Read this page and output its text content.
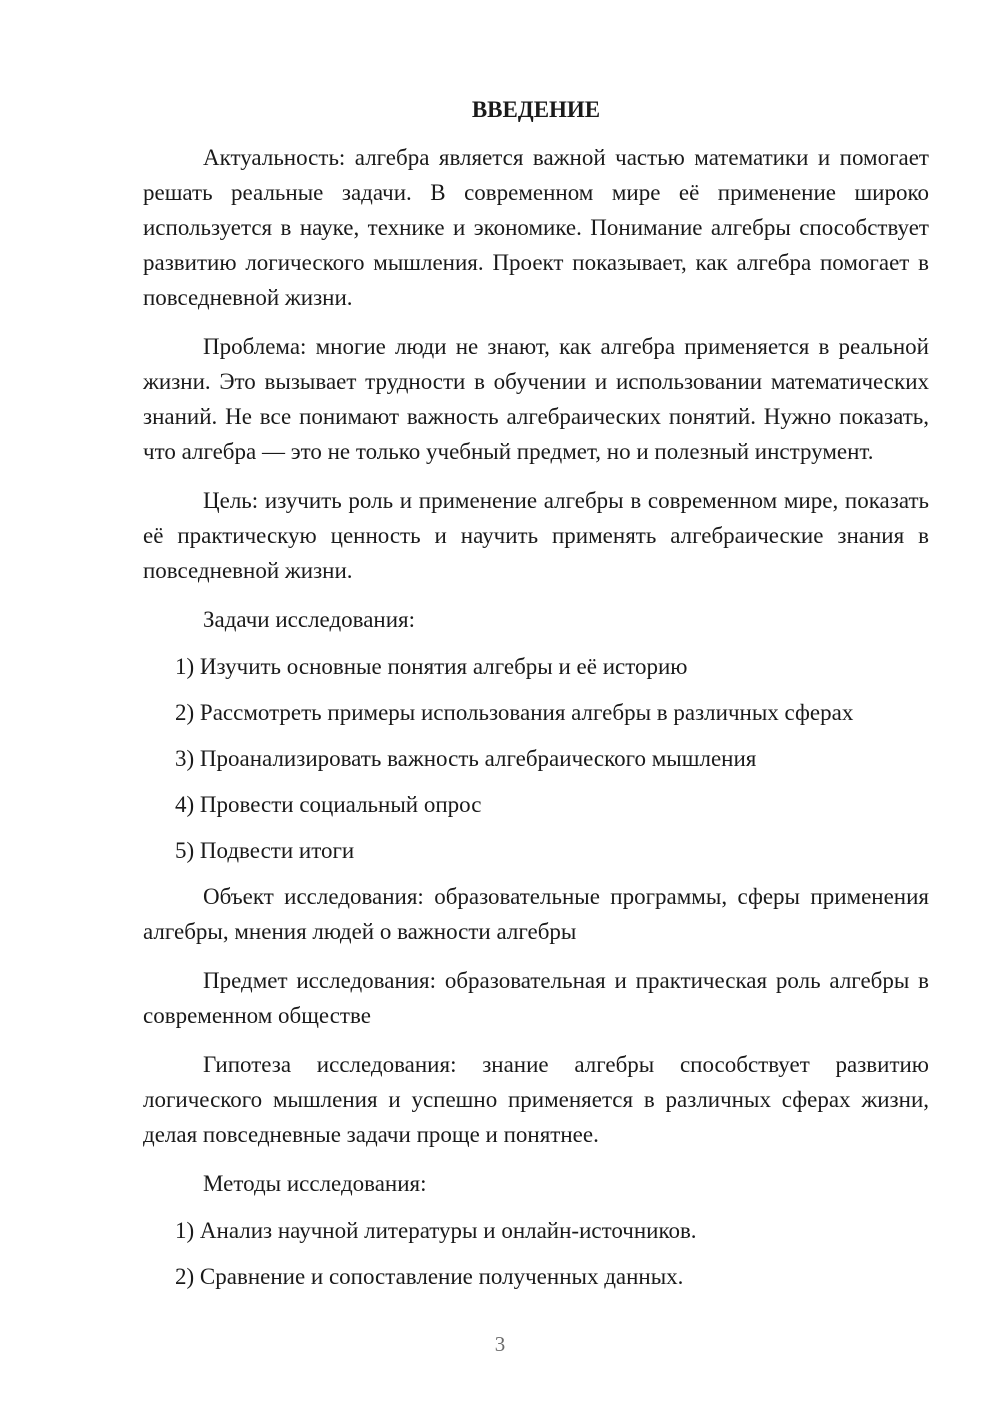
ВВЕДЕНИЕ

Актуальность: алгебра является важной частью математики и помогает решать реальные задачи. В современном мире её применение широко используется в науке, технике и экономике. Понимание алгебры способствует развитию логического мышления. Проект показывает, как алгебра помогает в повседневной жизни.

Проблема: многие люди не знают, как алгебра применяется в реальной жизни. Это вызывает трудности в обучении и использовании математических знаний. Не все понимают важность алгебраических понятий. Нужно показать, что алгебра — это не только учебный предмет, но и полезный инструмент.

Цель: изучить роль и применение алгебры в современном мире, показать её практическую ценность и научить применять алгебраические знания в повседневной жизни.

Задачи исследования:

1) Изучить основные понятия алгебры и её историю
2) Рассмотреть примеры использования алгебры в различных сферах
3) Проанализировать важность алгебраического мышления
4) Провести социальный опрос
5) Подвести итоги

Объект исследования: образовательные программы, сферы применения алгебры, мнения людей о важности алгебры

Предмет исследования: образовательная и практическая роль алгебры в современном обществе

Гипотеза исследования: знание алгебры способствует развитию логического мышления и успешно применяется в различных сферах жизни, делая повседневные задачи проще и понятнее.

Методы исследования:

1) Анализ научной литературы и онлайн-источников.
2) Сравнение и сопоставление полученных данных.
3
